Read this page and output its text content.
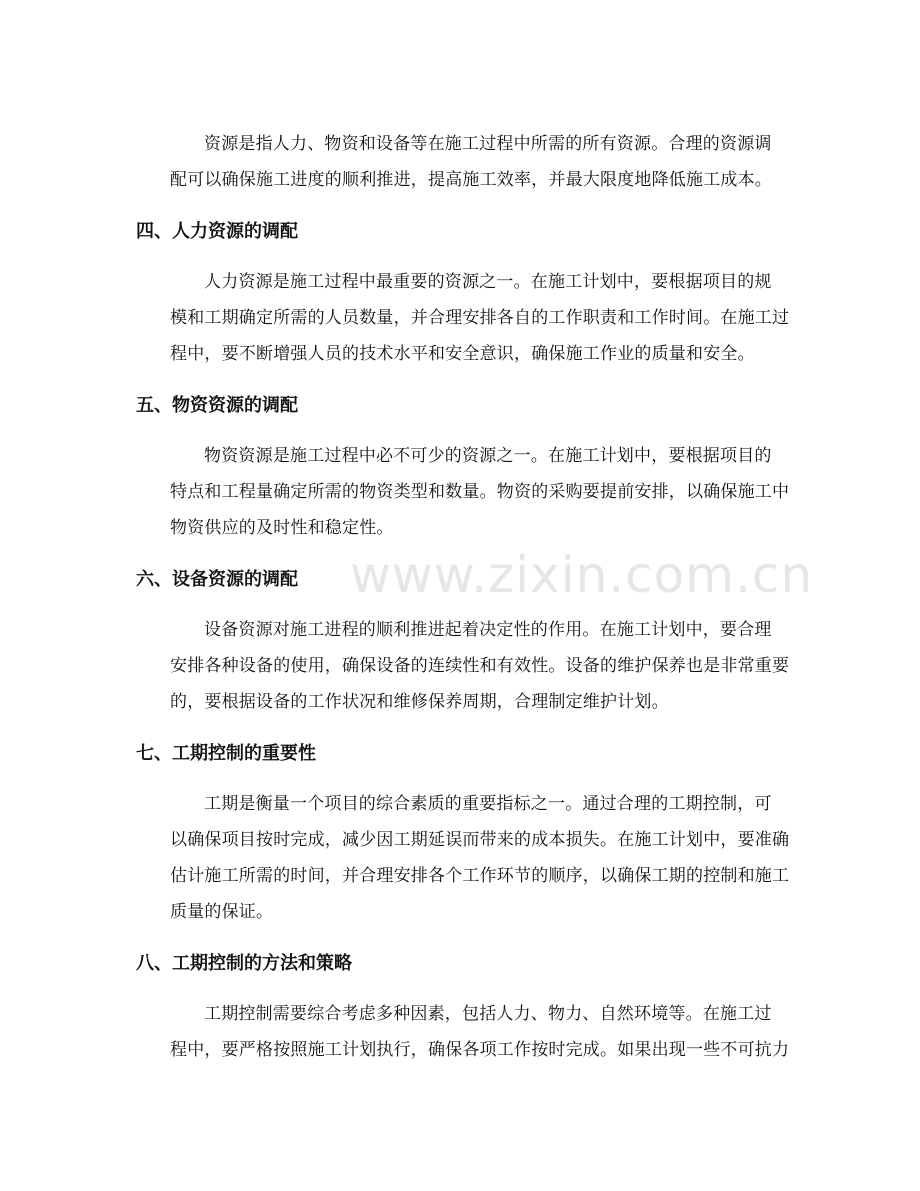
www.zixin.com.cn
资源是指人力、物资和设备等在施工过程中所需的所有资源。合理的资源调
配可以确保施工进度的顺利推进，提高施工效率，并最大限度地降低施工成本。
四、人力资源的调配
人力资源是施工过程中最重要的资源之一。在施工计划中，要根据项目的规
模和工期确定所需的人员数量，并合理安排各自的工作职责和工作时间。在施工过
程中，要不断增强人员的技术水平和安全意识，确保施工作业的质量和安全。
五、物资资源的调配
物资资源是施工过程中必不可少的资源之一。在施工计划中，要根据项目的
特点和工程量确定所需的物资类型和数量。物资的采购要提前安排，以确保施工中
物资供应的及时性和稳定性。
六、设备资源的调配
设备资源对施工进程的顺利推进起着决定性的作用。在施工计划中，要合理
安排各种设备的使用，确保设备的连续性和有效性。设备的维护保养也是非常重要
的，要根据设备的工作状况和维修保养周期，合理制定维护计划。
七、工期控制的重要性
工期是衡量一个项目的综合素质的重要指标之一。通过合理的工期控制，可
以确保项目按时完成，减少因工期延误而带来的成本损失。在施工计划中，要准确
估计施工所需的时间，并合理安排各个工作环节的顺序，以确保工期的控制和施工
质量的保证。
八、工期控制的方法和策略
工期控制需要综合考虑多种因素，包括人力、物力、自然环境等。在施工过
程中，要严格按照施工计划执行，确保各项工作按时完成。如果出现一些不可抗力
